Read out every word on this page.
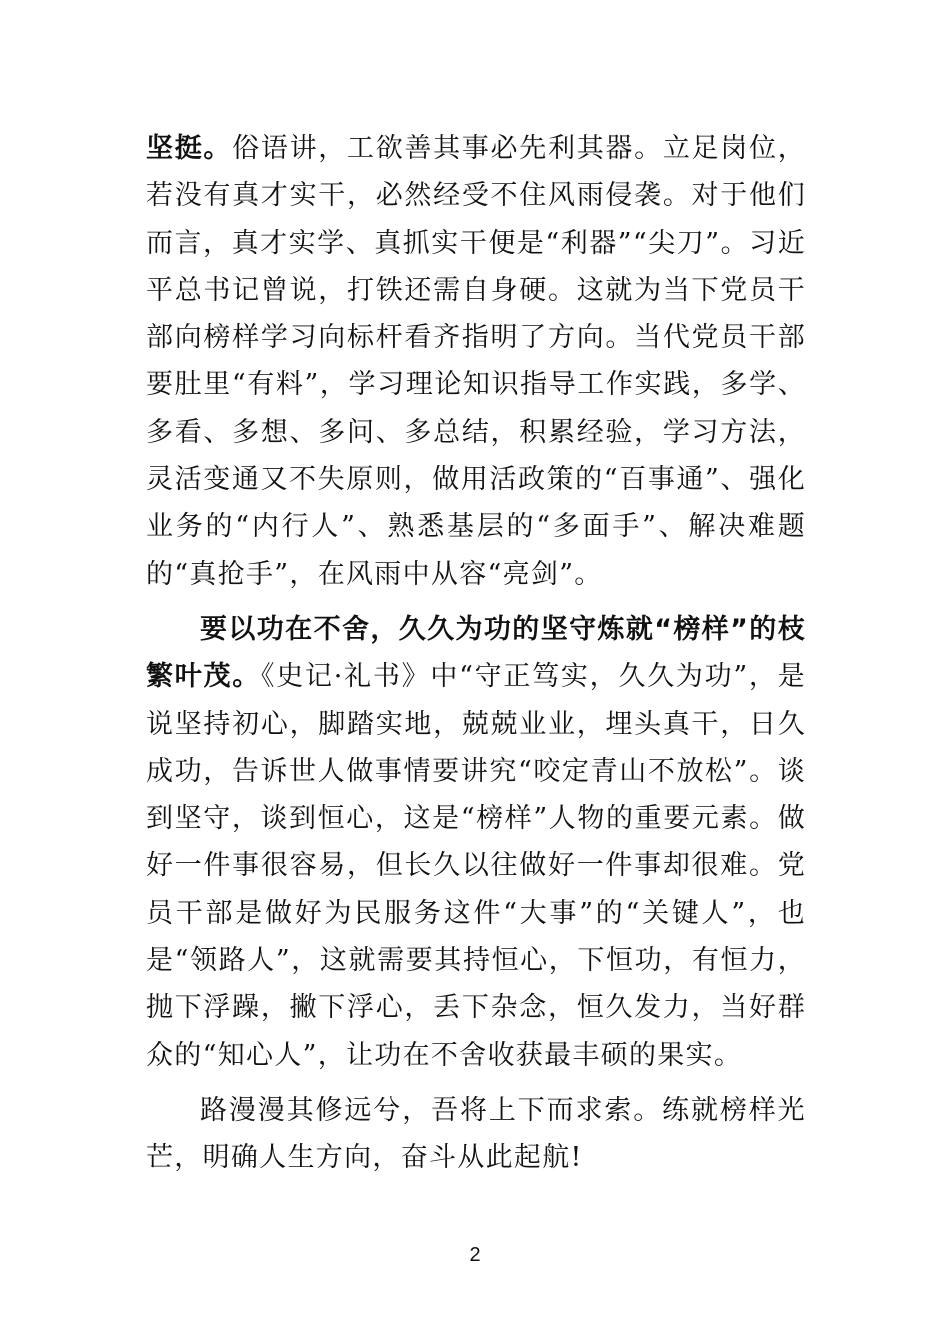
坚挺。俗语讲，工欲善其事必先利其器。立足岗位，若没有真才实干，必然经受不住风雨侵袭。对于他们而言，真才实学、真抓实干便是“利器”“尖刀”。习近平总书记曾说，打铁还需自身硬。这就为当下党员干部向榜样学习向标杆看齐指明了方向。当代党员干部要肚里“有料”，学习理论知识指导工作实践，多学、多看、多想、多问、多总结，积累经验，学习方法，灵活变通又不失原则，做用活政策的“百事通”、强化业务的“内行人”、熟悉基层的“多面手”、解决难题的“真抢手”，在风雨中从容“亮剑”。

要以功在不舍，久久为功的坚守炼就“榜样”的枝繁叶茂。《史记·礼书》中“守正笃实，久久为功”，是说坚持初心，脚踏实地，兢兢业业，埋头真干，日久成功，告诉世人做事情要讲究“咬定青山不放松”。谈到坚守，谈到恒心，这是“榜样”人物的重要元素。做好一件事很容易，但长久以往做好一件事却很难。党员干部是做好为民服务这件“大事”的“关键人”，也是“领路人”，这就需要其持恒心，下恒功，有恒力，抛下浮躁，撇下浮心，丢下杂念，恒久发力，当好群众的“知心人”，让功在不舍收获最丰硕的果实。

路漫漫其修远兮，吾将上下而求索。练就榜样光芒，明确人生方向，奋斗从此起航!

2
